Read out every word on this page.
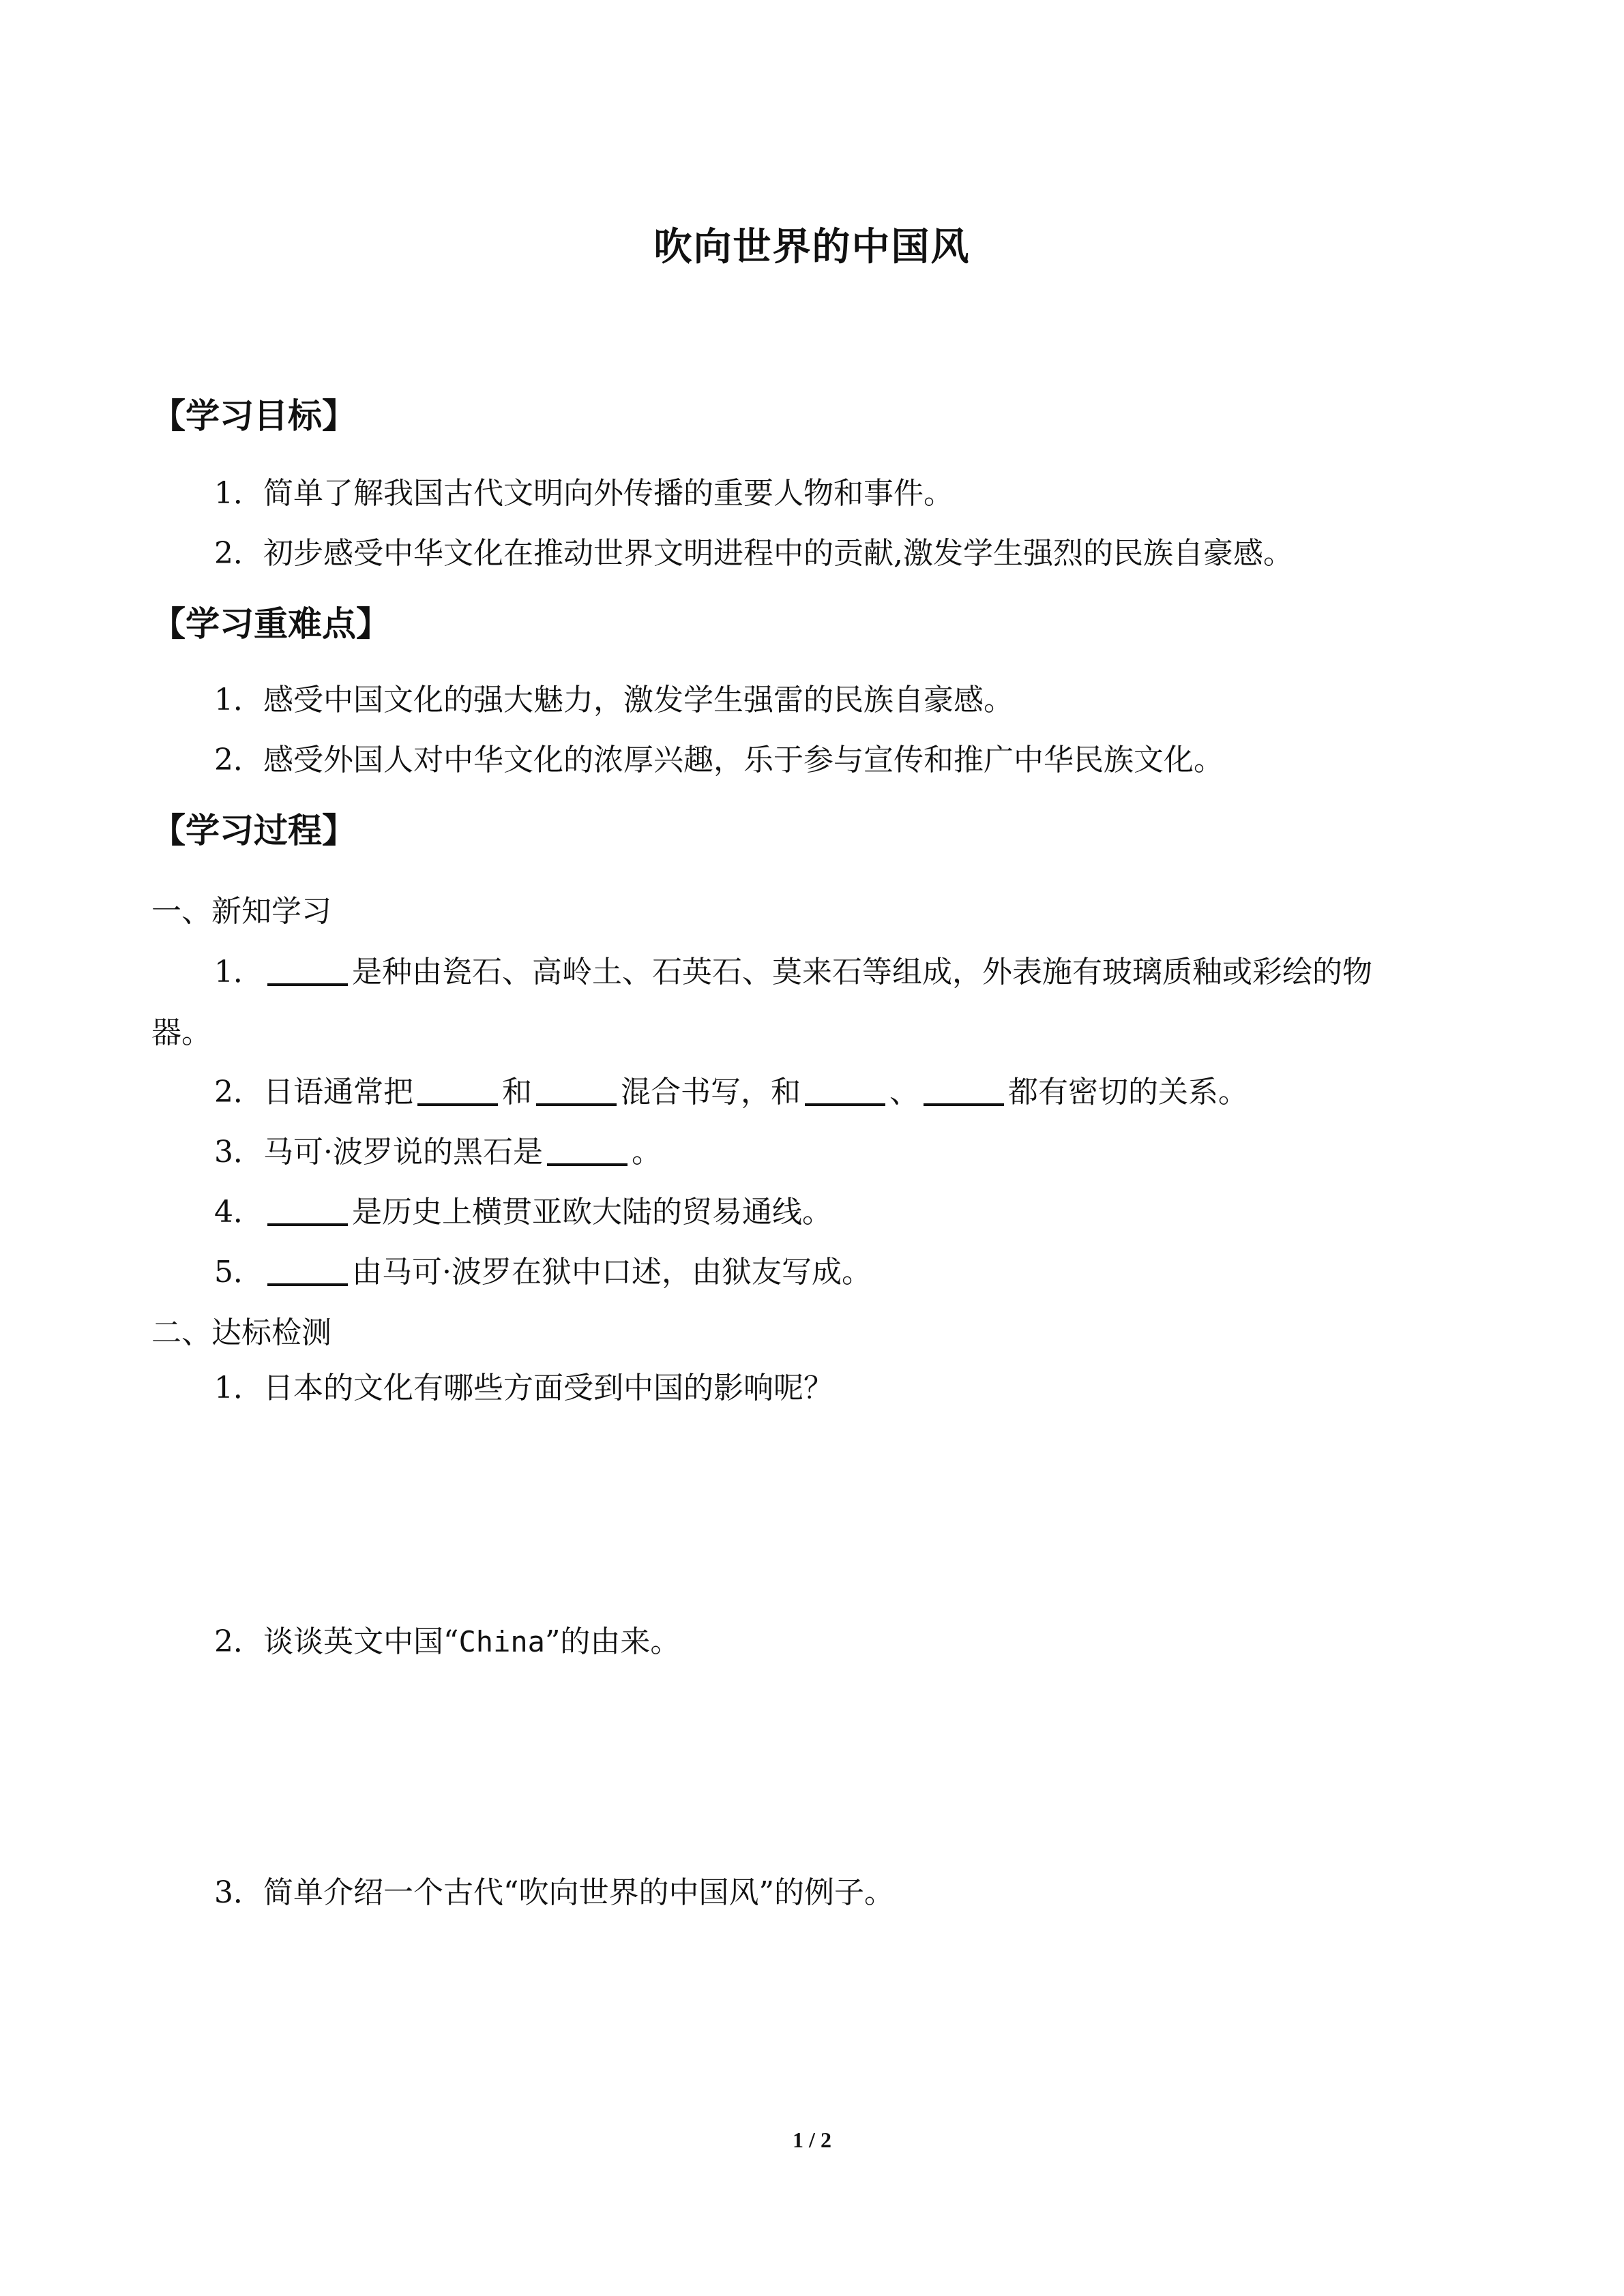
吹向世界的中国风
【学习目标】
1．简单了解我国古代文明向外传播的重要人物和事件。
2．初步感受中华文化在推动世界文明进程中的贡献,激发学生强烈的民族自豪感。
【学习重难点】
1．感受中国文化的强大魅力，激发学生强雷的民族自豪感。
2．感受外国人对中华文化的浓厚兴趣，乐于参与宣传和推广中华民族文化。
【学习过程】
一、新知学习
1．	是种由瓷石、高岭土、石英石、莫来石等组成，外表施有玻璃质釉或彩绘的物
器。
2．日语通常把	和	混合书写，和	、	都有密切的关系。
3．马可·波罗说的黑石是	。
4．	是历史上横贯亚欧大陆的贸易通线。
5．	由马可·波罗在狱中口述，由狱友写成。
二、达标检测
1．日本的文化有哪些方面受到中国的影响呢？
2．谈谈英文中国“China”的由来。
3．简单介绍一个古代“吹向世界的中国风”的例子。
1 / 2
